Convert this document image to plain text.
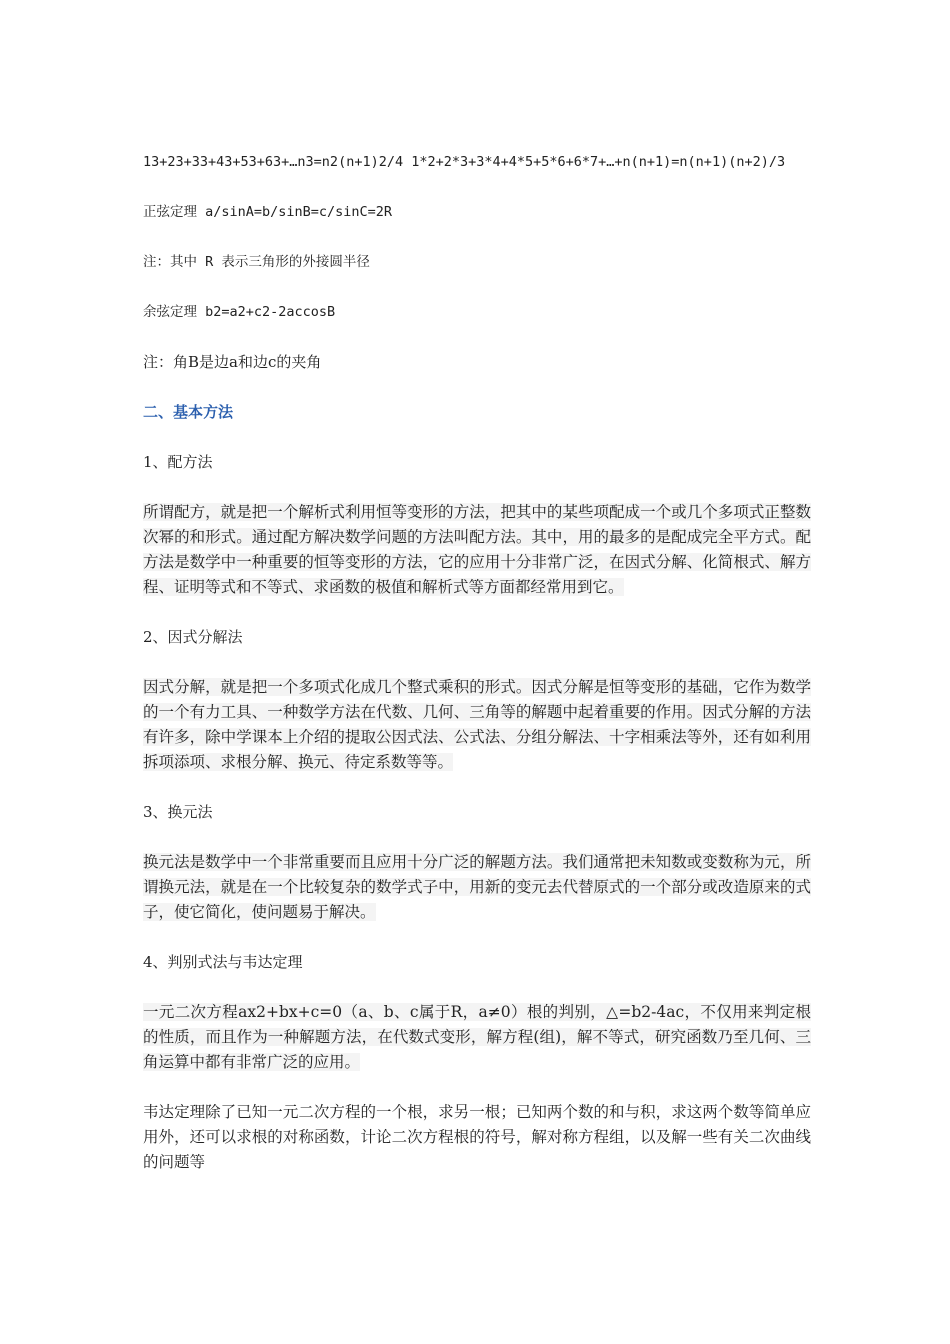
13+23+33+43+53+63+…n3=n2(n+1)2/4 1*2+2*3+3*4+4*5+5*6+6*7+…+n(n+1)=n(n+1)(n+2)/3
正弦定理 a/sinA=b/sinB=c/sinC=2R
注：其中 R 表示三角形的外接圆半径
余弦定理 b2=a2+c2-2accosB
注：角B是边a和边c的夹角
二、基本方法
1、配方法
所谓配方，就是把一个解析式利用恒等变形的方法，把其中的某些项配成一个或几个多项式正整数次幂的和形式。通过配方解决数学问题的方法叫配方法。其中，用的最多的是配成完全平方式。配方法是数学中一种重要的恒等变形的方法，它的应用十分非常广泛，在因式分解、化简根式、解方程、证明等式和不等式、求函数的极值和解析式等方面都经常用到它。
2、因式分解法
因式分解，就是把一个多项式化成几个整式乘积的形式。因式分解是恒等变形的基础，它作为数学的一个有力工具、一种数学方法在代数、几何、三角等的解题中起着重要的作用。因式分解的方法有许多，除中学课本上介绍的提取公因式法、公式法、分组分解法、十字相乘法等外，还有如利用拆项添项、求根分解、换元、待定系数等等。
3、换元法
换元法是数学中一个非常重要而且应用十分广泛的解题方法。我们通常把未知数或变数称为元，所谓换元法，就是在一个比较复杂的数学式子中，用新的变元去代替原式的一个部分或改造原来的式子，使它简化，使问题易于解决。
4、判别式法与韦达定理
一元二次方程ax2+bx+c=0（a、b、c属于R，a≠0）根的判别，△=b2-4ac，不仅用来判定根的性质，而且作为一种解题方法，在代数式变形，解方程(组)，解不等式，研究函数乃至几何、三角运算中都有非常广泛的应用。
韦达定理除了已知一元二次方程的一个根，求另一根；已知两个数的和与积，求这两个数等简单应用外，还可以求根的对称函数，计论二次方程根的符号，解对称方程组，以及解一些有关二次曲线的问题等
